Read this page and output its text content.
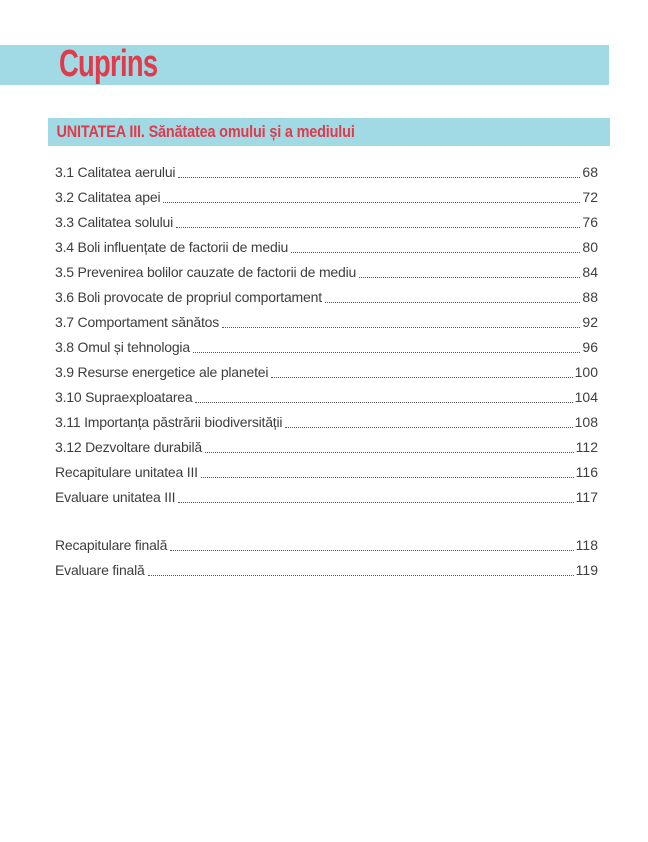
Cuprins
UNITATEA III. Sănătatea omului și a mediului
3.1 Calitatea aerului	68
3.2 Calitatea apei	72
3.3 Calitatea solului	76
3.4 Boli influențate de factorii de mediu	80
3.5 Prevenirea bolilor cauzate de factorii de mediu	84
3.6 Boli provocate de propriul comportament	88
3.7 Comportament sănătos	92
3.8 Omul și tehnologia	96
3.9 Resurse energetice ale planetei	100
3.10 Supraexploatarea	104
3.11 Importanța păstrării biodiversității	108
3.12 Dezvoltare durabilă	112
Recapitulare unitatea III	116
Evaluare unitatea III	117
Recapitulare finală	118
Evaluare finală	119
